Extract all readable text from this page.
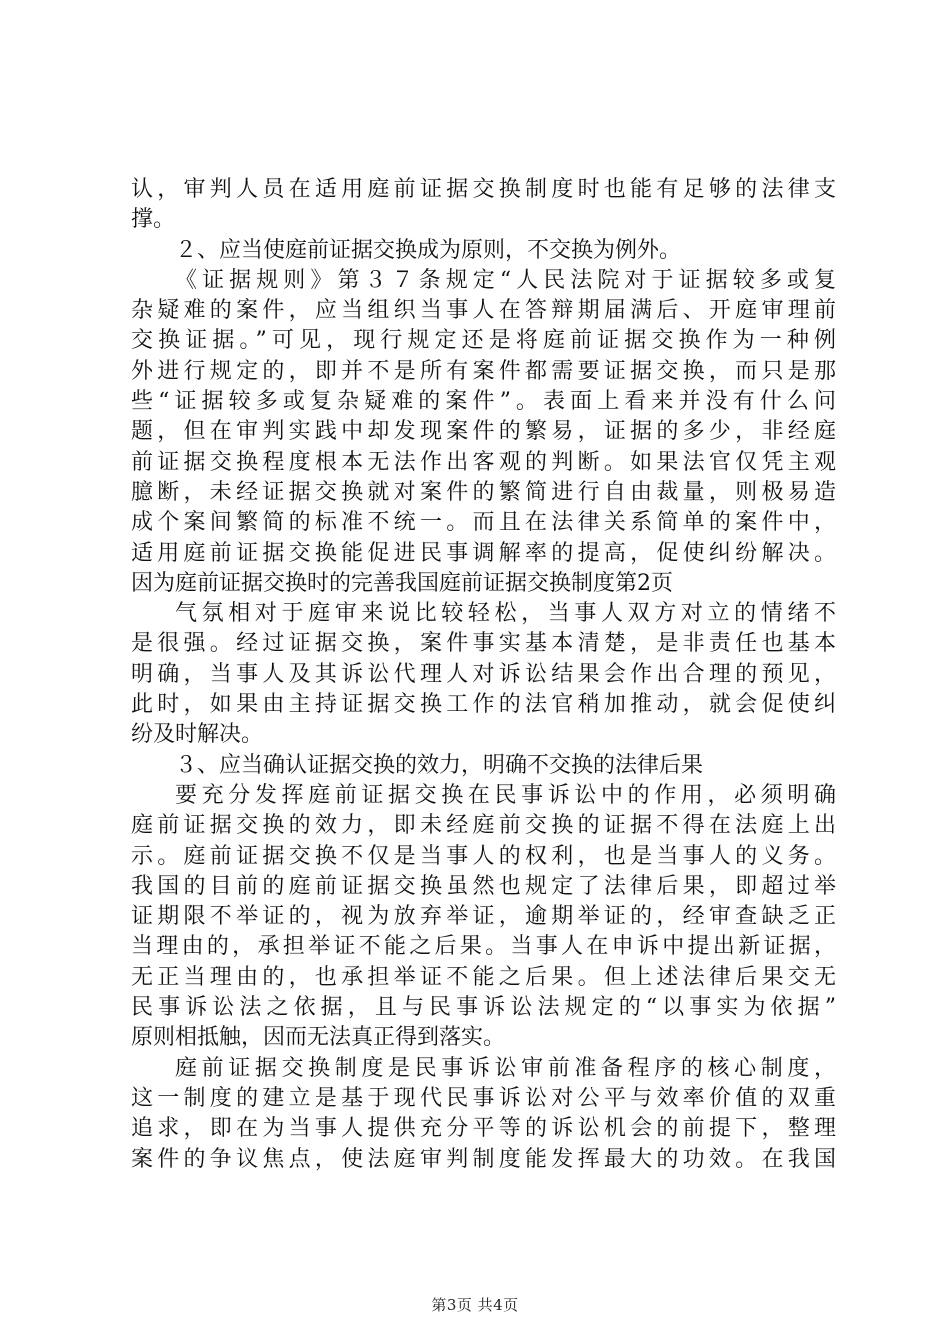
认，审判人员在适用庭前证据交换制度时也能有足够的法律支
撑。
２、应当使庭前证据交换成为原则，不交换为例外。
《证据规则》第３７条规定“人民法院对于证据较多或复
杂疑难的案件，应当组织当事人在答辩期届满后、开庭审理前
交换证据。”可见，现行规定还是将庭前证据交换作为一种例
外进行规定的，即并不是所有案件都需要证据交换，而只是那
些“证据较多或复杂疑难的案件”。表面上看来并没有什么问
题，但在审判实践中却发现案件的繁易，证据的多少，非经庭
前证据交换程度根本无法作出客观的判断。如果法官仅凭主观
臆断，未经证据交换就对案件的繁简进行自由裁量，则极易造
成个案间繁简的标准不统一。而且在法律关系简单的案件中，
适用庭前证据交换能促进民事调解率的提高，促使纠纷解决。
因为庭前证据交换时的完善我国庭前证据交换制度第2页
气氛相对于庭审来说比较轻松，当事人双方对立的情绪不
是很强。经过证据交换，案件事实基本清楚，是非责任也基本
明确，当事人及其诉讼代理人对诉讼结果会作出合理的预见，
此时，如果由主持证据交换工作的法官稍加推动，就会促使纠
纷及时解决。
３、应当确认证据交换的效力，明确不交换的法律后果
要充分发挥庭前证据交换在民事诉讼中的作用，必须明确
庭前证据交换的效力，即未经庭前交换的证据不得在法庭上出
示。庭前证据交换不仅是当事人的权利，也是当事人的义务。
我国的目前的庭前证据交换虽然也规定了法律后果，即超过举
证期限不举证的，视为放弃举证，逾期举证的，经审查缺乏正
当理由的，承担举证不能之后果。当事人在申诉中提出新证据，
无正当理由的，也承担举证不能之后果。但上述法律后果交无
民事诉讼法之依据，且与民事诉讼法规定的“以事实为依据”
原则相抵触，因而无法真正得到落实。
庭前证据交换制度是民事诉讼审前准备程序的核心制度，
这一制度的建立是基于现代民事诉讼对公平与效率价值的双重
追求，即在为当事人提供充分平等的诉讼机会的前提下，整理
案件的争议焦点，使法庭审判制度能发挥最大的功效。在我国
第3页 共4页
